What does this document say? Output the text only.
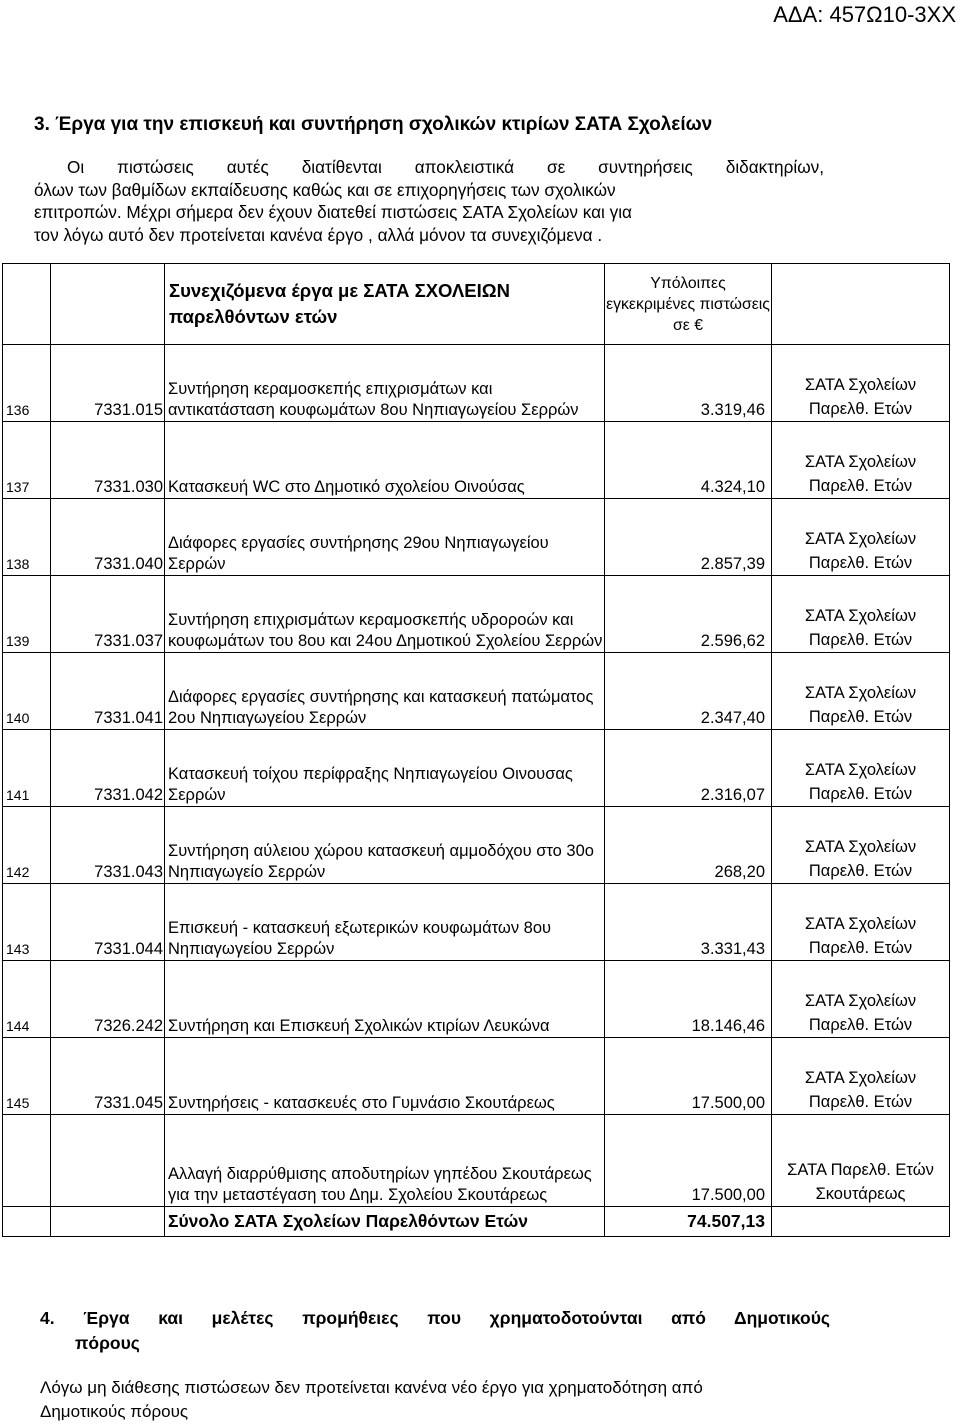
ΑΔΑ: 457Ω10-3ΧΧ
3. Έργα για την επισκευή και συντήρηση σχολικών κτιρίων ΣΑΤΑ Σχολείων

Οι πιστώσεις αυτές διατίθενται αποκλειστικά σε συντηρήσεις διδακτηρίων,

όλων των βαθμίδων εκπαίδευσης καθώς και σε επιχορηγήσεις των σχολικών

επιτροπών. Μέχρι σήμερα δεν έχουν διατεθεί πιστώσεις ΣΑΤΑ Σχολείων και για

τον λόγω αυτό δεν προτείνεται κανένα έργο , αλλά μόνον τα συνεχιζόμενα .

		Συνεχιζόμενα έργα με ΣΑΤΑ ΣΧΟΛΕΙΩΝ παρελθόντων ετών	Υπόλοιπες εγκεκριμένες πιστώσεις σε €	
136	7331.015	Συντήρηση κεραμοσκεπής επιχρισμάτων και αντικατάσταση κουφωμάτων 8ου Νηπιαγωγείου Σερρών	3.319,46	ΣΑΤΑ Σχολείων Παρελθ. Ετών
137	7331.030	Κατασκευή WC στο Δημοτικό σχολείου Οινούσας	4.324,10	ΣΑΤΑ Σχολείων Παρελθ. Ετών
138	7331.040	Διάφορες εργασίες συντήρησης 29ου Νηπιαγωγείου Σερρών	2.857,39	ΣΑΤΑ Σχολείων Παρελθ. Ετών
139	7331.037	Συντήρηση επιχρισμάτων κεραμοσκεπής υδρορoών και κουφωμάτων του 8ου και 24ου Δημοτικού Σχολείου Σερρών	2.596,62	ΣΑΤΑ Σχολείων Παρελθ. Ετών
140	7331.041	Διάφορες εργασίες συντήρησης και κατασκευή πατώματος 2ου Νηπιαγωγείου Σερρών	2.347,40	ΣΑΤΑ Σχολείων Παρελθ. Ετών
141	7331.042	Κατασκευή τοίχου περίφραξης Νηπιαγωγείου Οινουσας Σερρών	2.316,07	ΣΑΤΑ Σχολείων Παρελθ. Ετών
142	7331.043	Συντήρηση αύλειου χώρου κατασκευή αμμοδόχου στο 30ο Νηπιαγωγείο Σερρών	268,20	ΣΑΤΑ Σχολείων Παρελθ. Ετών
143	7331.044	Επισκευή - κατασκευή εξωτερικών κουφωμάτων 8ου Νηπιαγωγείου Σερρών	3.331,43	ΣΑΤΑ Σχολείων Παρελθ. Ετών
144	7326.242	Συντήρηση και Επισκευή Σχολικών κτιρίων Λευκώνα	18.146,46	ΣΑΤΑ Σχολείων Παρελθ. Ετών
145	7331.045	Συντηρήσεις - κατασκευές στο Γυμνάσιο Σκουτάρεως	17.500,00	ΣΑΤΑ Σχολείων Παρελθ. Ετών
		Αλλαγή διαρρύθμισης αποδυτηρίων γηπέδου Σκουτάρεως για την μεταστέγαση του Δημ. Σχολείου Σκουτάρεως	17.500,00	ΣΑΤΑ Παρελθ. Ετών Σκουτάρεως
		Σύνολο ΣΑΤΑ Σχολείων Παρελθόντων Ετών	74.507,13	
4. Έργα και μελέτες προμήθειες που χρηματοδοτούνται από Δημοτικούς
πόρους
Λόγω μη διάθεσης πιστώσεων δεν προτείνεται κανένα νέο έργο για χρηματοδότηση από
Δημοτικούς πόρους
